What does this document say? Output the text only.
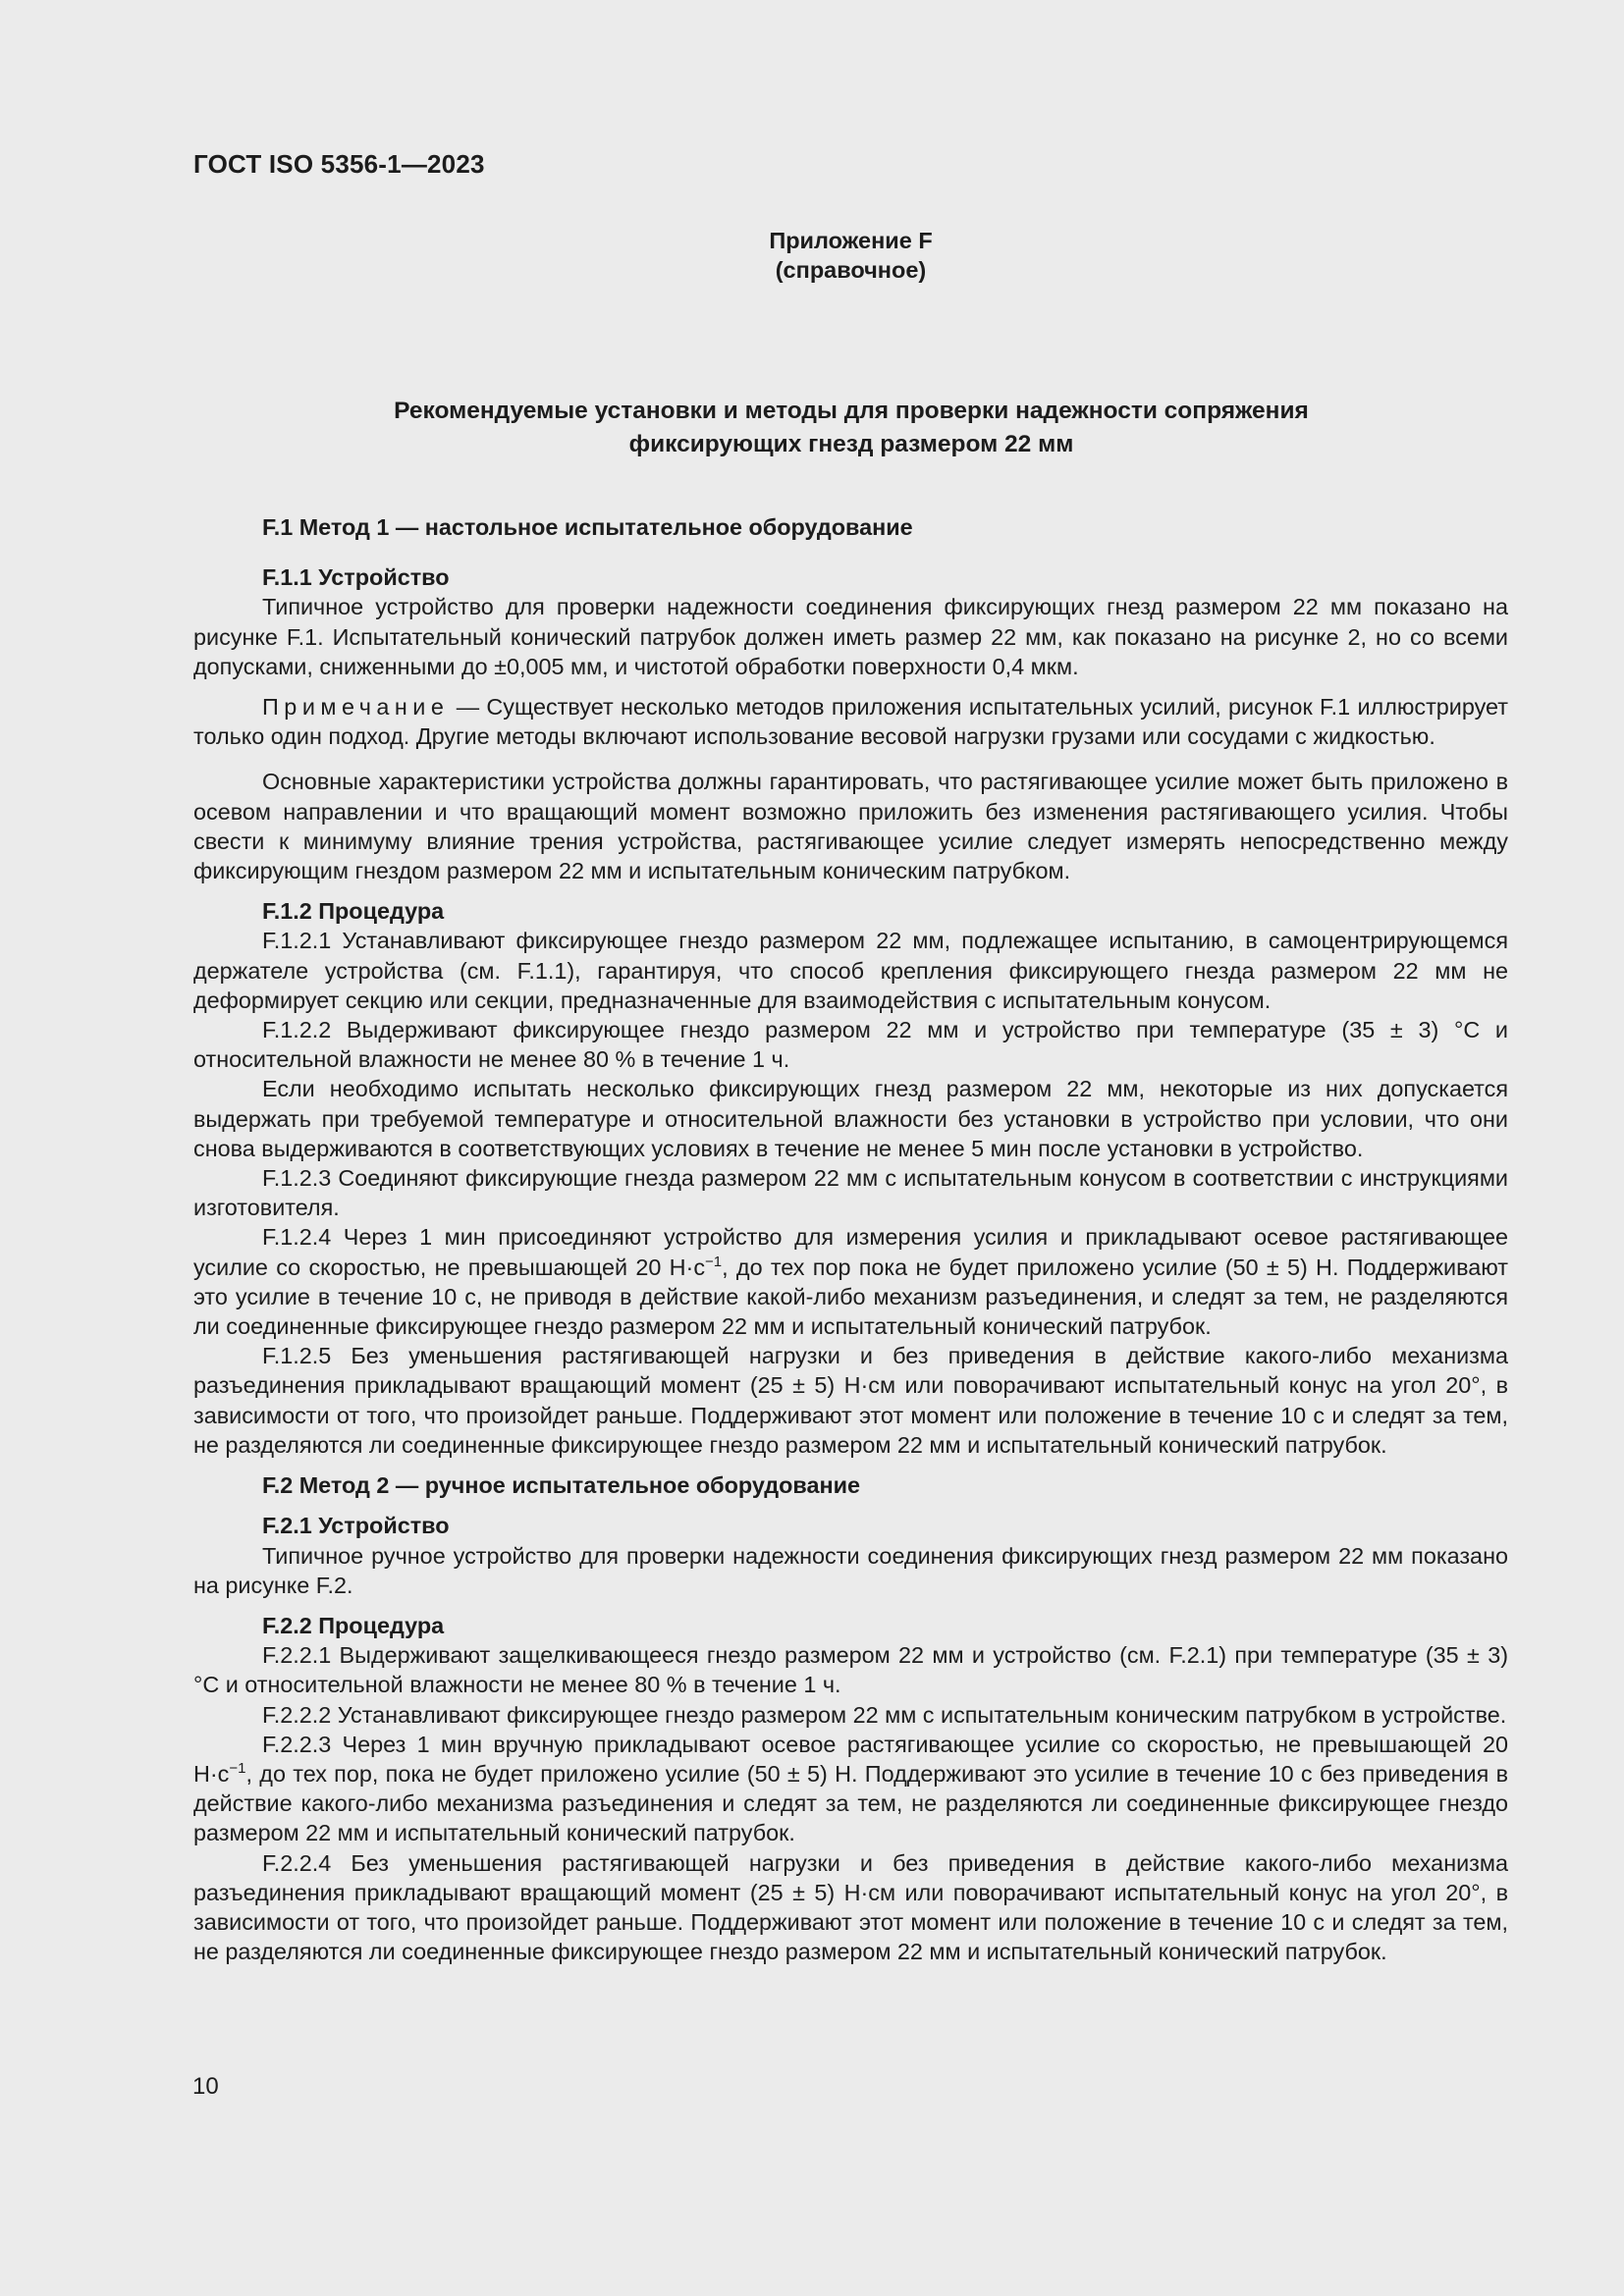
ГОСТ ISO 5356-1—2023
Приложение F
(справочное)
Рекомендуемые установки и методы для проверки надежности сопряжения
фиксирующих гнезд размером 22 мм
F.1 Метод 1 — настольное испытательное оборудование
F.1.1 Устройство

Типичное устройство для проверки надежности соединения фиксирующих гнезд размером 22 мм показано на рисунке F.1. Испытательный конический патрубок должен иметь размер 22 мм, как показано на рисунке 2, но со всеми допусками, сниженными до ±0,005 мм, и чистотой обработки поверхности 0,4 мкм.

Примечание — Существует несколько методов приложения испытательных усилий, рисунок F.1 иллюстрирует только один подход. Другие методы включают использование весовой нагрузки грузами или сосудами с жидкостью.

Основные характеристики устройства должны гарантировать, что растягивающее усилие может быть приложено в осевом направлении и что вращающий момент возможно приложить без изменения растягивающего усилия. Чтобы свести к минимуму влияние трения устройства, растягивающее усилие следует измерять непосредственно между фиксирующим гнездом размером 22 мм и испытательным коническим патрубком.

F.1.2 Процедура

F.1.2.1 Устанавливают фиксирующее гнездо размером 22 мм, подлежащее испытанию, в самоцентрирующемся держателе устройства (см. F.1.1), гарантируя, что способ крепления фиксирующего гнезда размером 22 мм не деформирует секцию или секции, предназначенные для взаимодействия с испытательным конусом.

F.1.2.2 Выдерживают фиксирующее гнездо размером 22 мм и устройство при температуре (35 ± 3) °С и относительной влажности не менее 80 % в течение 1 ч.

Если необходимо испытать несколько фиксирующих гнезд размером 22 мм, некоторые из них допускается выдержать при требуемой температуре и относительной влажности без установки в устройство при условии, что они снова выдерживаются в соответствующих условиях в течение не менее 5 мин после установки в устройство.

F.1.2.3 Соединяют фиксирующие гнезда размером 22 мм с испытательным конусом в соответствии с инструкциями изготовителя.

F.1.2.4 Через 1 мин присоединяют устройство для измерения усилия и прикладывают осевое растягивающее усилие со скоростью, не превышающей 20 $Н\cdot с^{-1}$, до тех пор пока не будет приложено усилие (50 ± 5) Н. Поддерживают это усилие в течение 10 с, не приводя в действие какой-либо механизм разъединения, и следят за тем, не разделяются ли соединенные фиксирующее гнездо размером 22 мм и испытательный конический патрубок.

F.1.2.5 Без уменьшения растягивающей нагрузки и без приведения в действие какого-либо механизма разъединения прикладывают вращающий момент (25 ± 5) Н·см или поворачивают испытательный конус на угол 20°, в зависимости от того, что произойдет раньше. Поддерживают этот момент или положение в течение 10 с и следят за тем, не разделяются ли соединенные фиксирующее гнездо размером 22 мм и испытательный конический патрубок.

F.2 Метод 2 — ручное испытательное оборудование
F.2.1 Устройство

Типичное ручное устройство для проверки надежности соединения фиксирующих гнезд размером 22 мм показано на рисунке F.2.

F.2.2 Процедура

F.2.2.1 Выдерживают защелкивающееся гнездо размером 22 мм и устройство (см. F.2.1) при температуре (35 ± 3) °С и относительной влажности не менее 80 % в течение 1 ч.

F.2.2.2 Устанавливают фиксирующее гнездо размером 22 мм с испытательным коническим патрубком в устройстве.

F.2.2.3 Через 1 мин вручную прикладывают осевое растягивающее усилие со скоростью, не превышающей 20 $Н\cdot с^{-1}$, до тех пор, пока не будет приложено усилие (50 ± 5) Н. Поддерживают это усилие в течение 10 с без приведения в действие какого-либо механизма разъединения и следят за тем, не разделяются ли соединенные фиксирующее гнездо размером 22 мм и испытательный конический патрубок.

F.2.2.4 Без уменьшения растягивающей нагрузки и без приведения в действие какого-либо механизма разъединения прикладывают вращающий момент (25 ± 5) Н·см или поворачивают испытательный конус на угол 20°, в зависимости от того, что произойдет раньше. Поддерживают этот момент или положение в течение 10 с и следят за тем, не разделяются ли соединенные фиксирующее гнездо размером 22 мм и испытательный конический патрубок.

10
